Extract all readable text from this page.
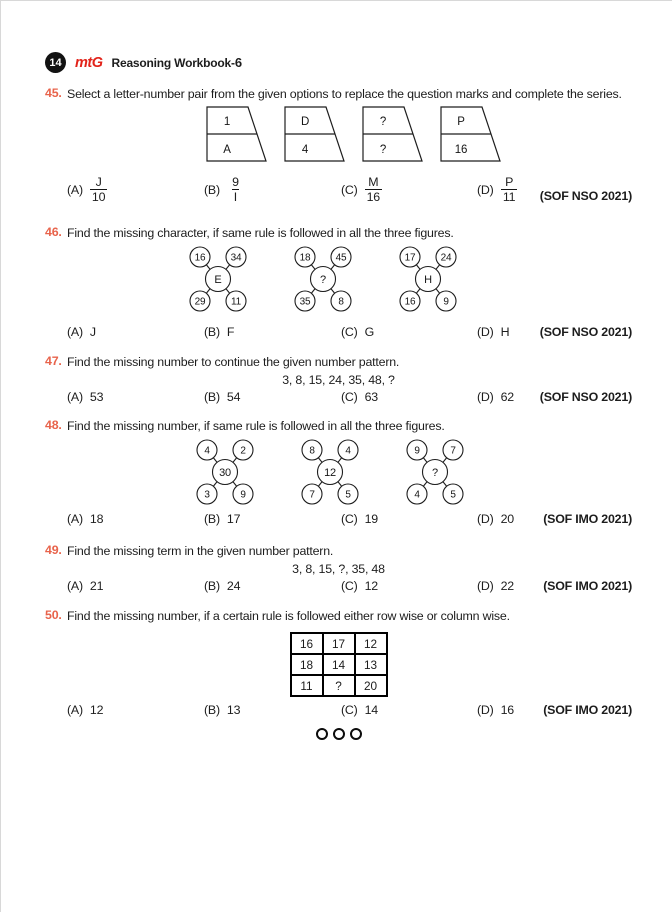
14 mtG Reasoning Workbook-6
45. Select a letter-number pair from the given options to replace the question marks and complete the series.
1
A
D
4
?
?
P
16
$(A) \frac{J}{10}$	$(B) \frac{9}{I}$	$(C) \frac{M}{16}$	$(D) \frac{P}{11} (SOF$ NSO 2021)
46. Find the missing character, if same rule is followed in all the three figures.
16	34
E
29	11
18	45
?
35	8
17	24
H
16	9
(A) J	(B) F	(C) G	(D) H (SOF NSO 2021)
47. Find the missing number to continue the given number pattern.
3, 8, 15, 24, 35, 48, ?
(A) 53	(B) 54	(C) 63	(D) 62 (SOF NSO 2021)
48. Find the missing number, if same rule is followed in all the three figures.
4	2
30
3	9
8	4
12
7	5
9	7
?
4	5
(A) 18	(B) 17	(C) 19	(D) 20 (SOF IMO 2021)
49. Find the missing term in the given number pattern.
3, 8, 15, ?, 35, 48
(A) 21	(B) 24	(C) 12	(D) 22 (SOF IMO 2021)
50. Find the missing number, if a certain rule is followed either row wise or column wise.
16	17	12
18	14	13
11	?	20
(A) 12	(B) 13	(C) 14	(D) 16 (SOF IMO 2021)
